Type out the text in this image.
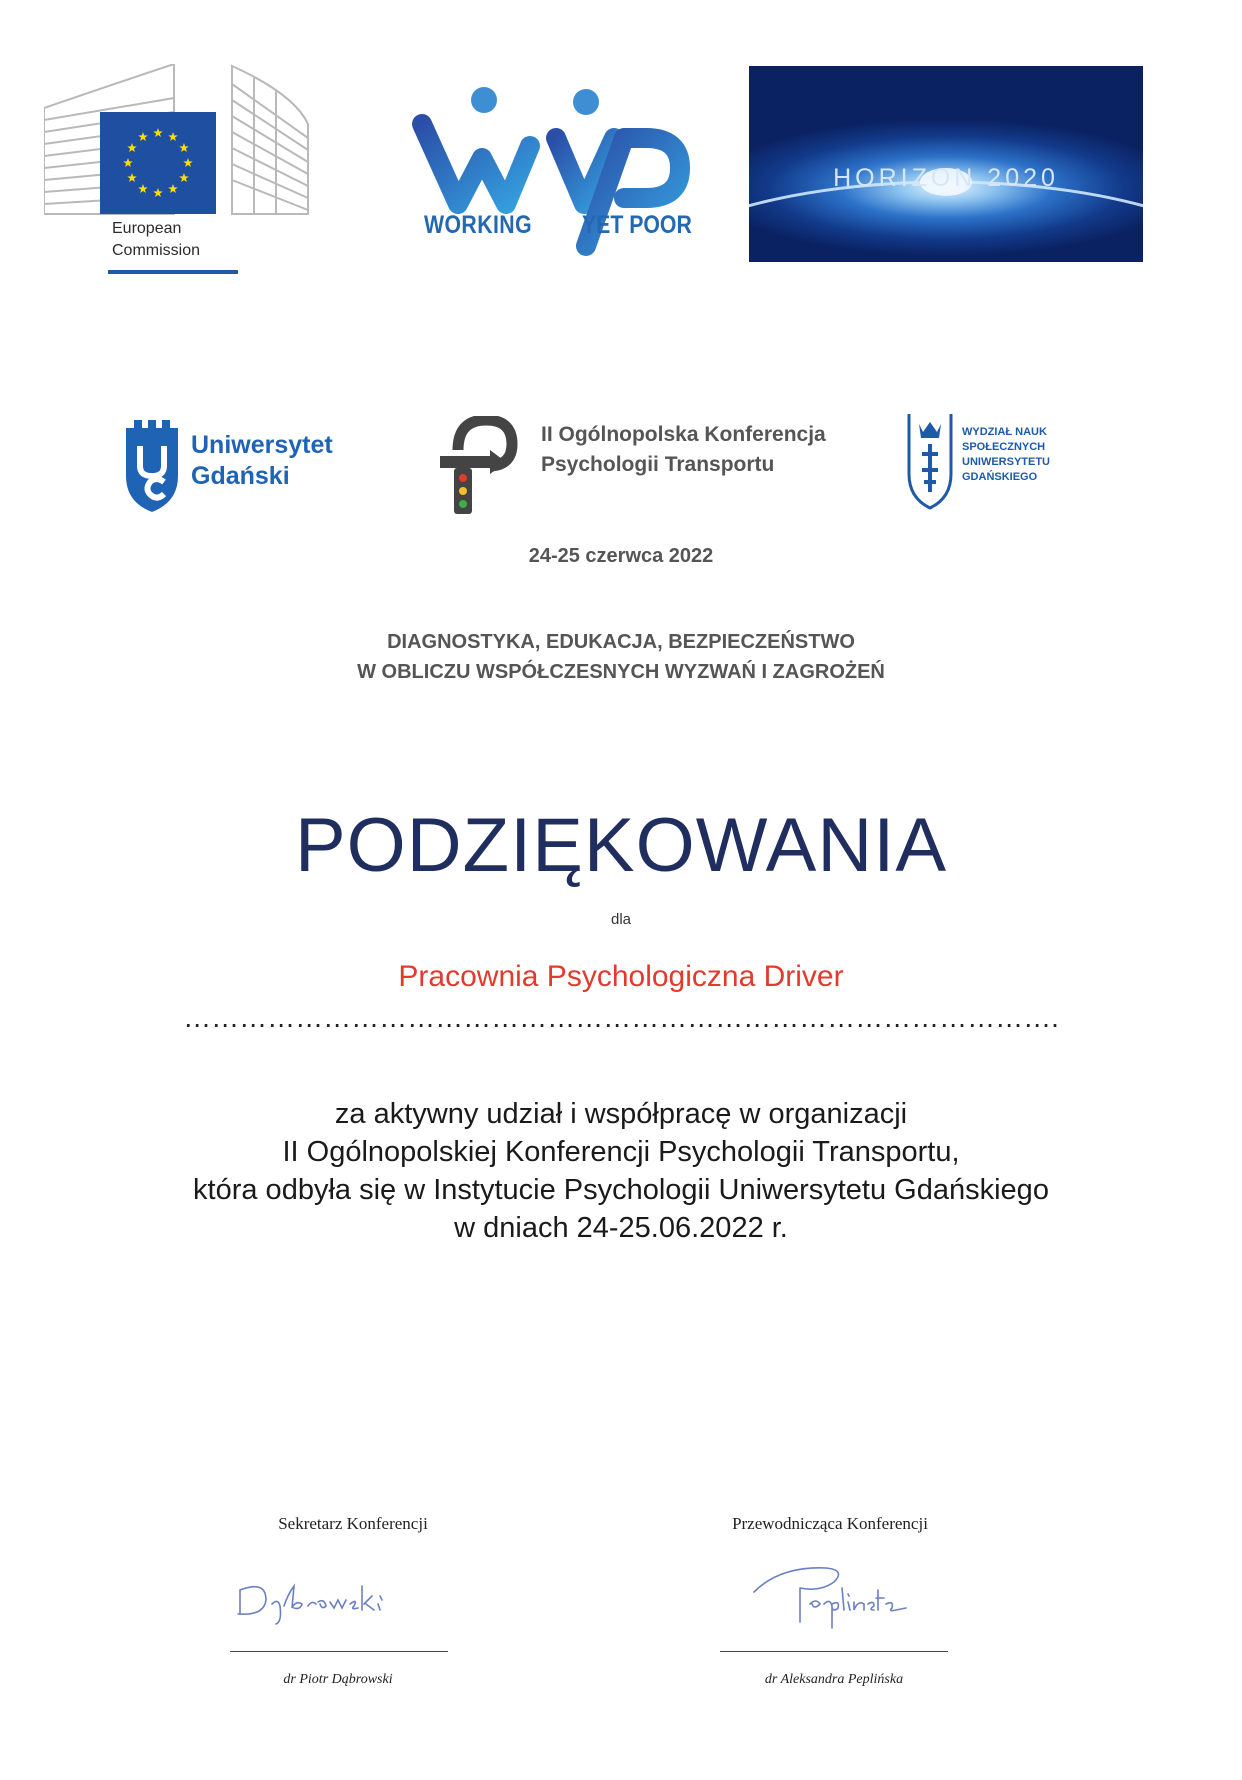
European
Commission
WORKING YET POOR
HORIZON 2020
Uniwersytet
Gdański
II Ogólnopolska Konferencja
Psychologii Transportu
WYDZIAŁ NAUK
SPOŁECZNYCH
UNIWERSYTETU
GDAŃSKIEGO
24-25 czerwca 2022
DIAGNOSTYKA, EDUKACJA, BEZPIECZEŃSTWO
W OBLICZU WSPÓŁCZESNYCH WYZWAŃ I ZAGROŻEŃ
PODZIĘKOWANIA
dla
Pracownia Psychologiczna Driver
………………………………………………………………………………….
za aktywny udział i współpracę w organizacji
II Ogólnopolskiej Konferencji Psychologii Transportu,
która odbyła się w Instytucie Psychologii Uniwersytetu Gdańskiego
w dniach 24-25.06.2022 r.
Sekretarz Konferencji
dr Piotr Dąbrowski
Przewodnicząca Konferencji
dr Aleksandra Peplińska
